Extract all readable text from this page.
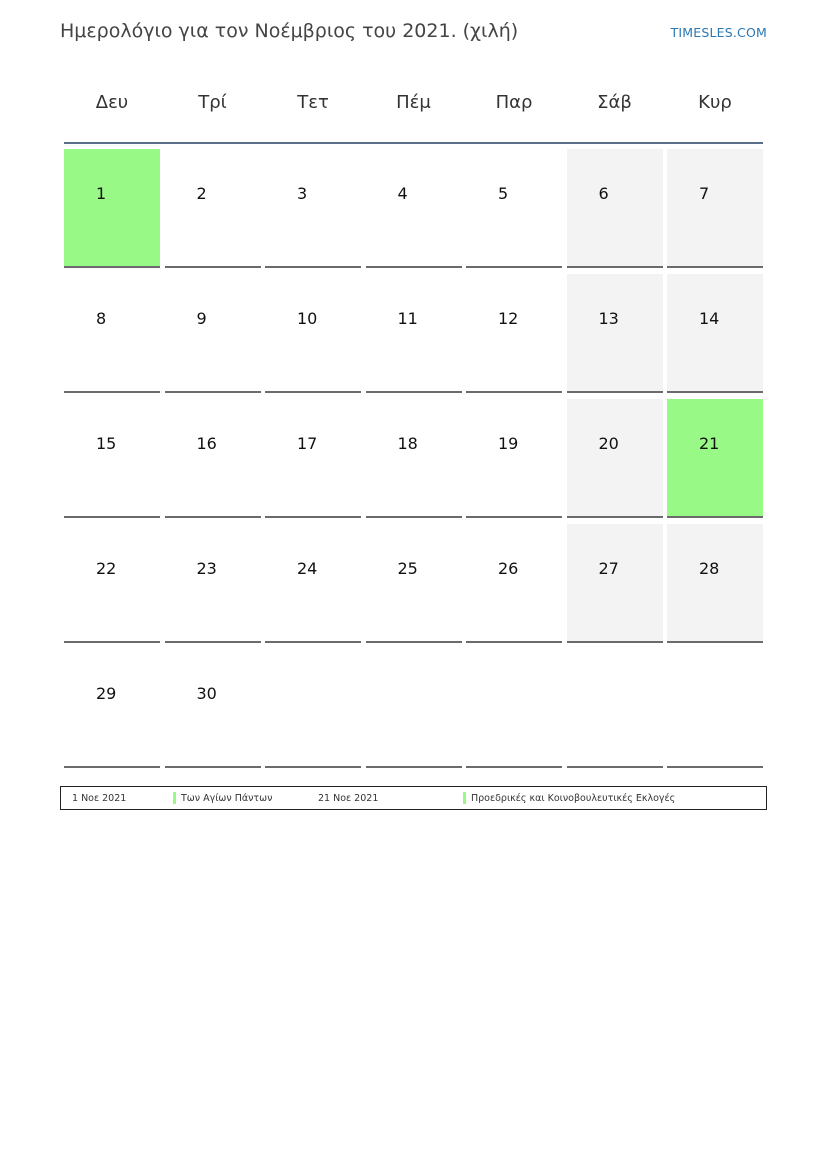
Ημερολόγιο για τον Νοέμβριος του 2021. (χιλή)	TIMESLES.COM
Δευ	Τρί	Τετ	Πέμ	Παρ	Σάβ	Κυρ
1	2	3	4	5	6	7
8	9	10	11	12	13	14
15	16	17	18	19	20	21
22	23	24	25	26	27	28
29	30
1 Νοε 2021	Των Αγίων Πάντων	21 Νοε 2021	Προεδρικές και Κοινοβουλευτικές Εκλογές
